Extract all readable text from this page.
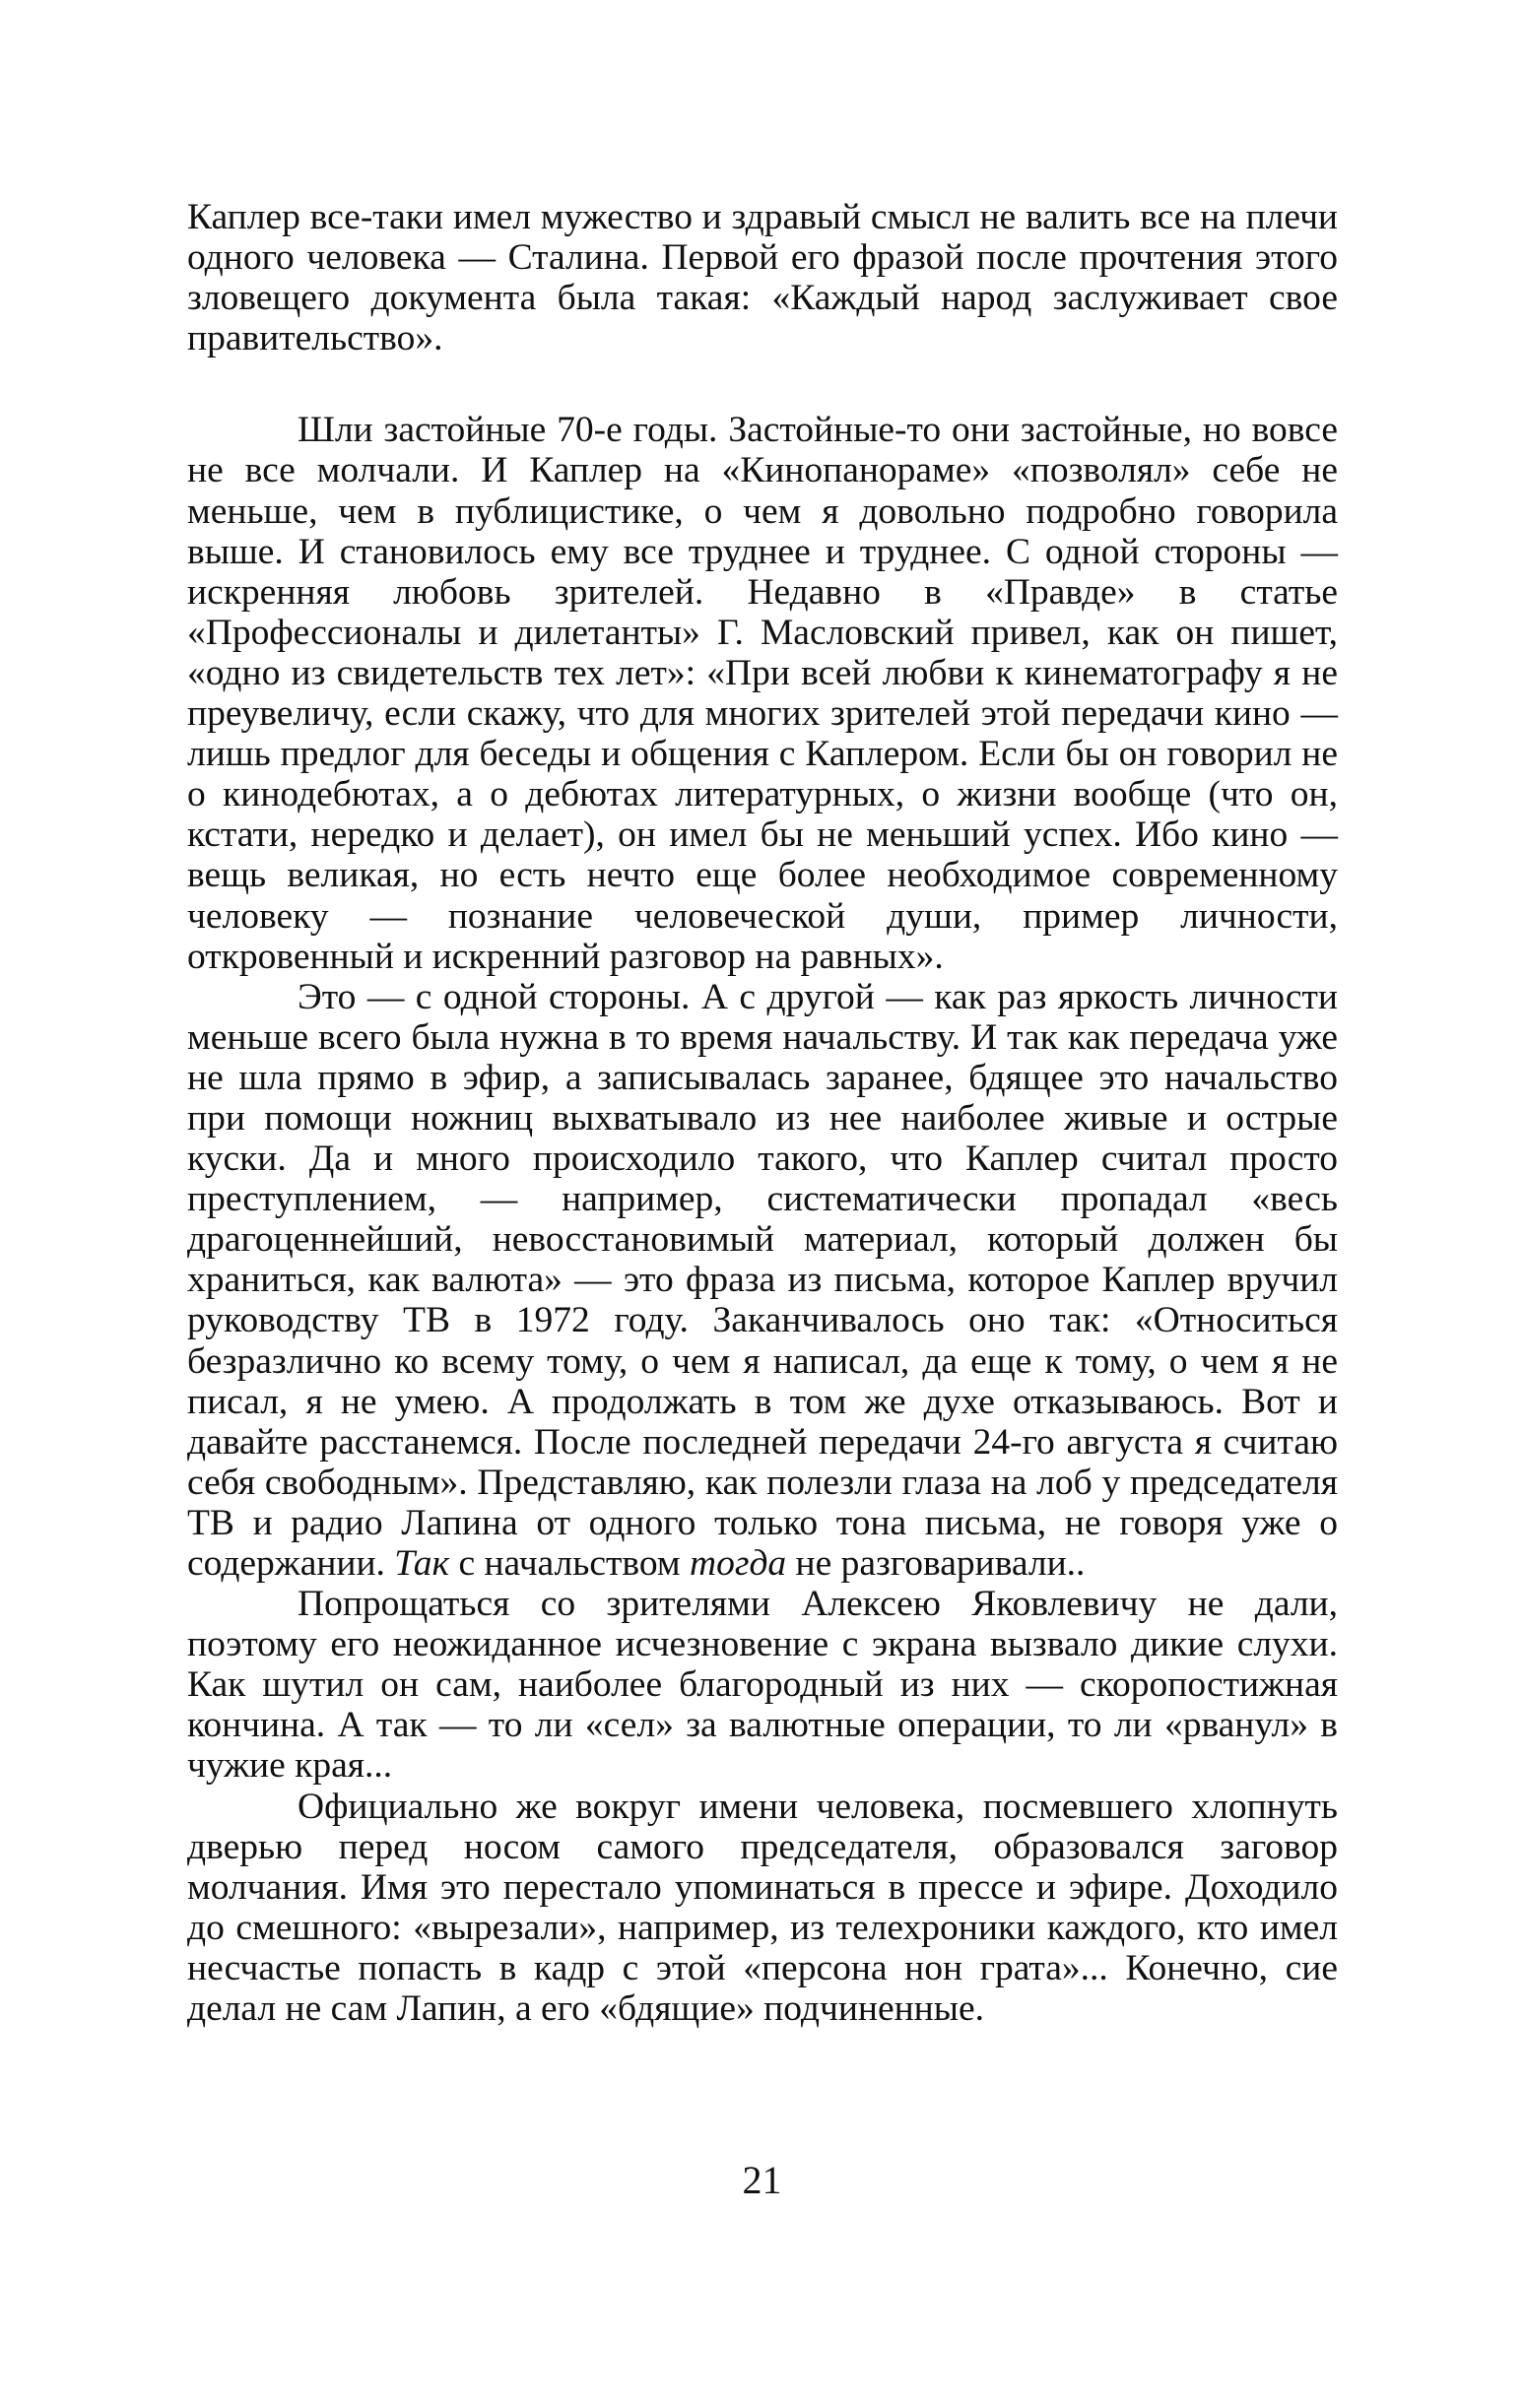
Каплер все-таки имел мужество и здравый смысл не валить все на плечи одного человека — Сталина. Первой его фразой после прочтения этого зловещего документа была такая: «Каждый народ заслуживает свое правительство».

Шли застойные 70-е годы. Застойные-то они застойные, но вовсе не все молчали. И Каплер на «Кинопанораме» «позволял» себе не меньше, чем в публицистике, о чем я довольно подробно говорила выше. И становилось ему все труднее и труднее. С одной стороны — искренняя любовь зрителей. Недавно в «Правде» в статье «Профессионалы и дилетанты» Г. Масловский привел, как он пишет, «одно из свидетельств тех лет»: «При всей любви к кинематографу я не преувеличу, если скажу, что для многих зрителей этой передачи кино — лишь предлог для беседы и общения с Каплером. Если бы он говорил не о кинодебютах, а о дебютах литературных, о жизни вообще (что он, кстати, нередко и делает), он имел бы не меньший успех. Ибо кино — вещь великая, но есть нечто еще более необходимое современному человеку — познание человеческой души, пример личности, откровенный и искренний разговор на равных».

Это — с одной стороны. А с другой — как раз яркость личности меньше всего была нужна в то время начальству. И так как передача уже не шла прямо в эфир, а записывалась заранее, бдящее это начальство при помощи ножниц выхватывало из нее наиболее живые и острые куски. Да и много происходило такого, что Каплер считал просто преступлением, — например, систематически пропадал «весь драгоценнейший, невосстановимый материал, который должен бы храниться, как валюта» — это фраза из письма, которое Каплер вручил руководству ТВ в 1972 году. Заканчивалось оно так: «Относиться безразлично ко всему тому, о чем я написал, да еще к тому, о чем я не писал, я не умею. А продолжать в том же духе отказываюсь. Вот и давайте расстанемся. После последней передачи 24-го августа я считаю себя свободным». Представляю, как полезли глаза на лоб у председателя ТВ и радио Лапина от одного только тона письма, не говоря уже о содержании. Так с начальством тогда не разговаривали..

Попрощаться со зрителями Алексею Яковлевичу не дали, поэтому его неожиданное исчезновение с экрана вызвало дикие слухи. Как шутил он сам, наиболее благородный из них — скоропостижная кончина. А так — то ли «сел» за валютные операции, то ли «рванул» в чужие края...

Официально же вокруг имени человека, посмевшего хлопнуть дверью перед носом самого председателя, образовался заговор молчания. Имя это перестало упоминаться в прессе и эфире. Доходило до смешного: «вырезали», например, из телехроники каждого, кто имел несчастье попасть в кадр с этой «персона нон грата»... Конечно, сие делал не сам Лапин, а его «бдящие» подчиненные.

21
